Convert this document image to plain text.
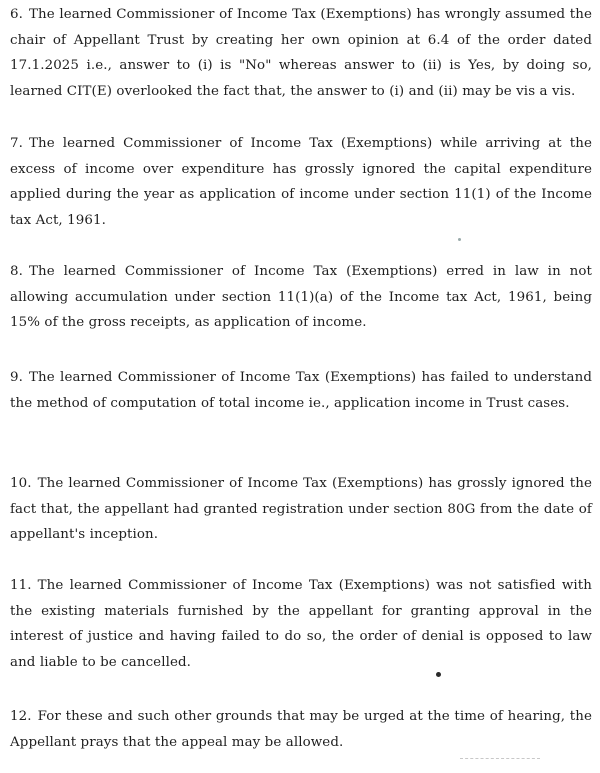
6. The learned Commissioner of Income Tax (Exemptions) has wrongly assumed the chair of Appellant Trust by creating her own opinion at 6.4 of the order dated 17.1.2025 i.e., answer to (i) is "No" whereas answer to (ii) is Yes, by doing so, learned CIT(E) overlooked the fact that, the answer to (i) and (ii) may be vis a vis.

7. The learned Commissioner of Income Tax (Exemptions) while arriving at the excess of income over expenditure has grossly ignored the capital expenditure applied during the year as application of income under section 11(1) of the Income tax Act, 1961.

8. The learned Commissioner of Income Tax (Exemptions) erred in law in not allowing accumulation under section 11(1)(a) of the Income tax Act, 1961, being 15% of the gross receipts, as application of income.

9. The learned Commissioner of Income Tax (Exemptions) has failed to understand the method of computation of total income ie., application income in Trust cases.

10. The learned Commissioner of Income Tax (Exemptions) has grossly ignored the fact that, the appellant had granted registration under section 80G from the date of appellant's inception.

11. The learned Commissioner of Income Tax (Exemptions) was not satisfied with the existing materials furnished by the appellant for granting approval in the interest of justice and having failed to do so, the order of denial is opposed to law and liable to be cancelled.

12. For these and such other grounds that may be urged at the time of hearing, the Appellant prays that the appeal may be allowed.
